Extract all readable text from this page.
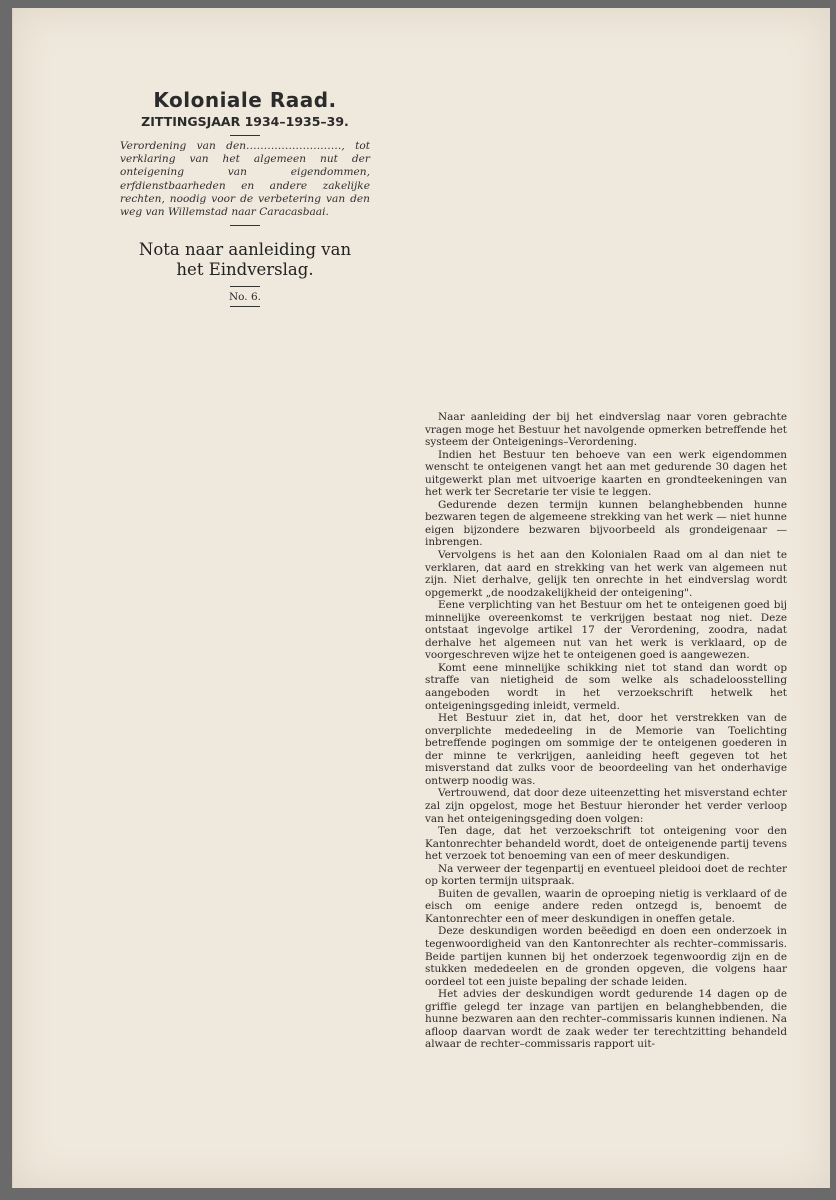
Koloniale Raad.
ZITTINGSJAAR 1934–1935–39.

Verordening van den………………………, tot verklaring van het algemeen nut der onteigening van eigendommen, erfdienstbaarheden en andere zakelijke rechten, noodig voor de verbetering van den weg van Willemstad naar Caracasbaai.

Nota naar aanleiding van
het Eindverslag.
No. 6.

Naar aanleiding der bij het eindverslag naar voren gebrachte vragen moge het Bestuur het navolgende opmerken betreffende het systeem der Onteigenings–Verordening.

Indien het Bestuur ten behoeve van een werk eigendommen wenscht te onteigenen vangt het aan met gedurende 30 dagen het uitgewerkt plan met uitvoerige kaarten en grondteekeningen van het werk ter Secretarie ter visie te leggen.

Gedurende dezen termijn kunnen belanghebbenden hunne bezwaren tegen de algemeene strekking van het werk — niet hunne eigen bijzondere bezwaren bijvoorbeeld als grondeigenaar — inbrengen.

Vervolgens is het aan den Kolonialen Raad om al dan niet te verklaren, dat aard en strekking van het werk van algemeen nut zijn. Niet derhalve, gelijk ten onrechte in het eindverslag wordt opgemerkt „de noodzakelijkheid der onteigening".

Eene verplichting van het Bestuur om het te onteigenen goed bij minnelijke overeenkomst te verkrijgen bestaat nog niet. Deze ontstaat ingevolge artikel 17 der Verordening, zoodra, nadat derhalve het algemeen nut van het werk is verklaard, op de voorgeschreven wijze het te onteigenen goed is aangewezen.

Komt eene minnelijke schikking niet tot stand dan wordt op straffe van nietigheid de som welke als schadeloosstelling aangeboden wordt in het verzoekschrift hetwelk het onteigeningsgeding inleidt, vermeld.

Het Bestuur ziet in, dat het, door het verstrekken van de onverplichte mededeeling in de Memorie van Toelichting betreffende pogingen om sommige der te onteigenen goederen in der minne te verkrijgen, aanleiding heeft gegeven tot het misverstand dat zulks voor de beoordeeling van het onderhavige ontwerp noodig was.

Vertrouwend, dat door deze uiteenzetting het misverstand echter zal zijn opgelost, moge het Bestuur hieronder het verder verloop van het onteigeningsgeding doen volgen:

Ten dage, dat het verzoekschrift tot onteigening voor den Kantonrechter behandeld wordt, doet de onteigenende partij tevens het verzoek tot benoeming van een of meer deskundigen.

Na verweer der tegenpartij en eventueel pleidooi doet de rechter op korten termijn uitspraak.

Buiten de gevallen, waarin de oproeping nietig is verklaard of de eisch om eenige andere reden ontzegd is, benoemt de Kantonrechter een of meer deskundigen in oneffen getale.

Deze deskundigen worden beëedigd en doen een onderzoek in tegenwoordigheid van den Kantonrechter als rechter–commissaris. Beide partijen kunnen bij het onderzoek tegenwoordig zijn en de stukken mededeelen en de gronden opgeven, die volgens haar oordeel tot een juiste bepaling der schade leiden.

Het advies der deskundigen wordt gedurende 14 dagen op de griffie gelegd ter inzage van partijen en belanghebbenden, die hunne bezwaren aan den rechter–commissaris kunnen indienen. Na afloop daarvan wordt de zaak weder ter terechtzitting behandeld alwaar de rechter–commissaris rapport uit-
